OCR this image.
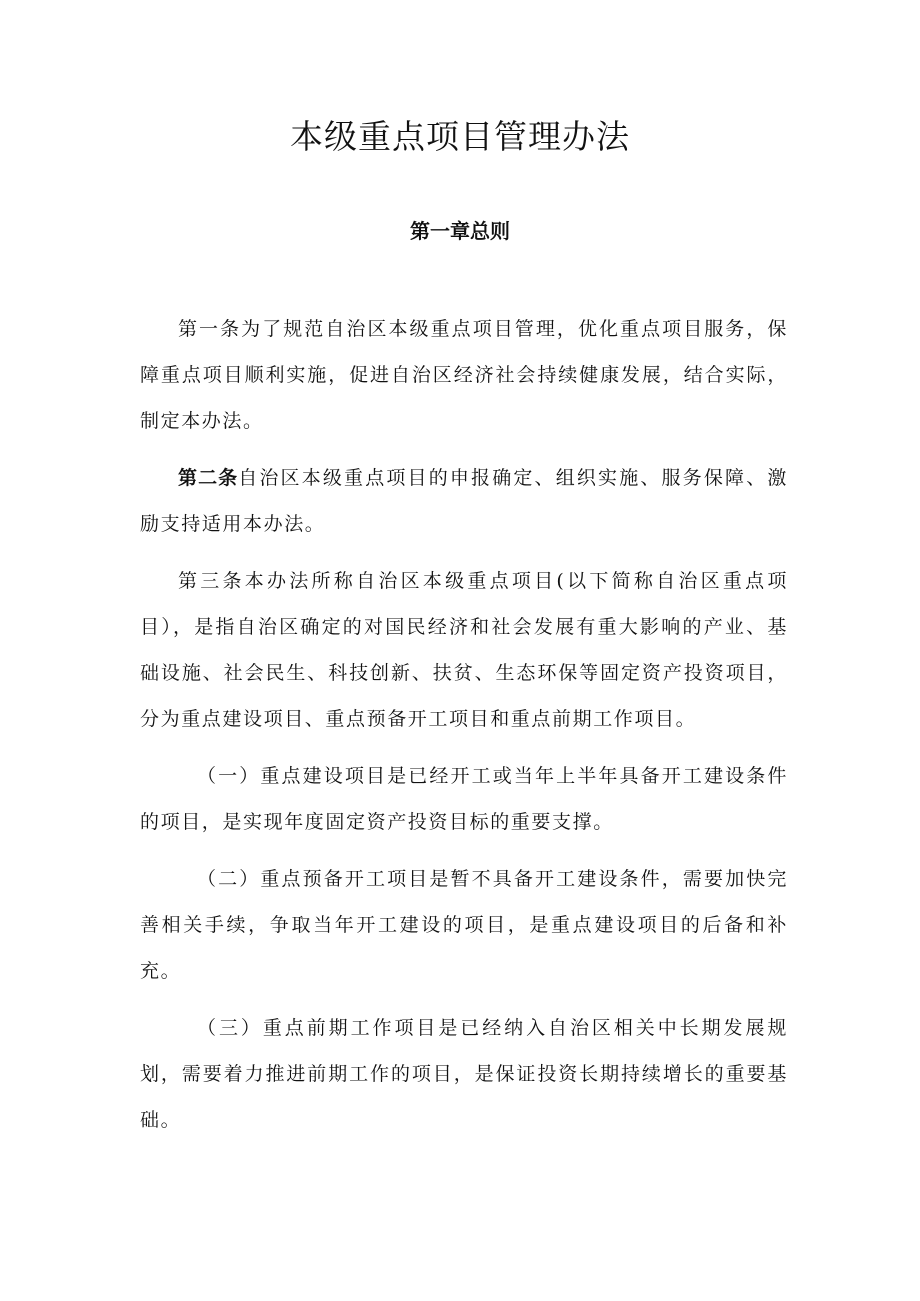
本级重点项目管理办法
第一章总则

第一条为了规范自治区本级重点项目管理，优化重点项目服务，保障重点项目顺利实施，促进自治区经济社会持续健康发展，结合实际，制定本办法。

第二条自治区本级重点项目的申报确定、组织实施、服务保障、激励支持适用本办法。

第三条本办法所称自治区本级重点项目(以下简称自治区重点项目），是指自治区确定的对国民经济和社会发展有重大影响的产业、基础设施、社会民生、科技创新、扶贫、生态环保等固定资产投资项目，分为重点建设项目、重点预备开工项目和重点前期工作项目。

（一）重点建设项目是已经开工或当年上半年具备开工建设条件的项目，是实现年度固定资产投资目标的重要支撑。

（二）重点预备开工项目是暂不具备开工建设条件，需要加快完善相关手续，争取当年开工建设的项目，是重点建设项目的后备和补充。

（三）重点前期工作项目是已经纳入自治区相关中长期发展规划，需要着力推进前期工作的项目，是保证投资长期持续增长的重要基础。
